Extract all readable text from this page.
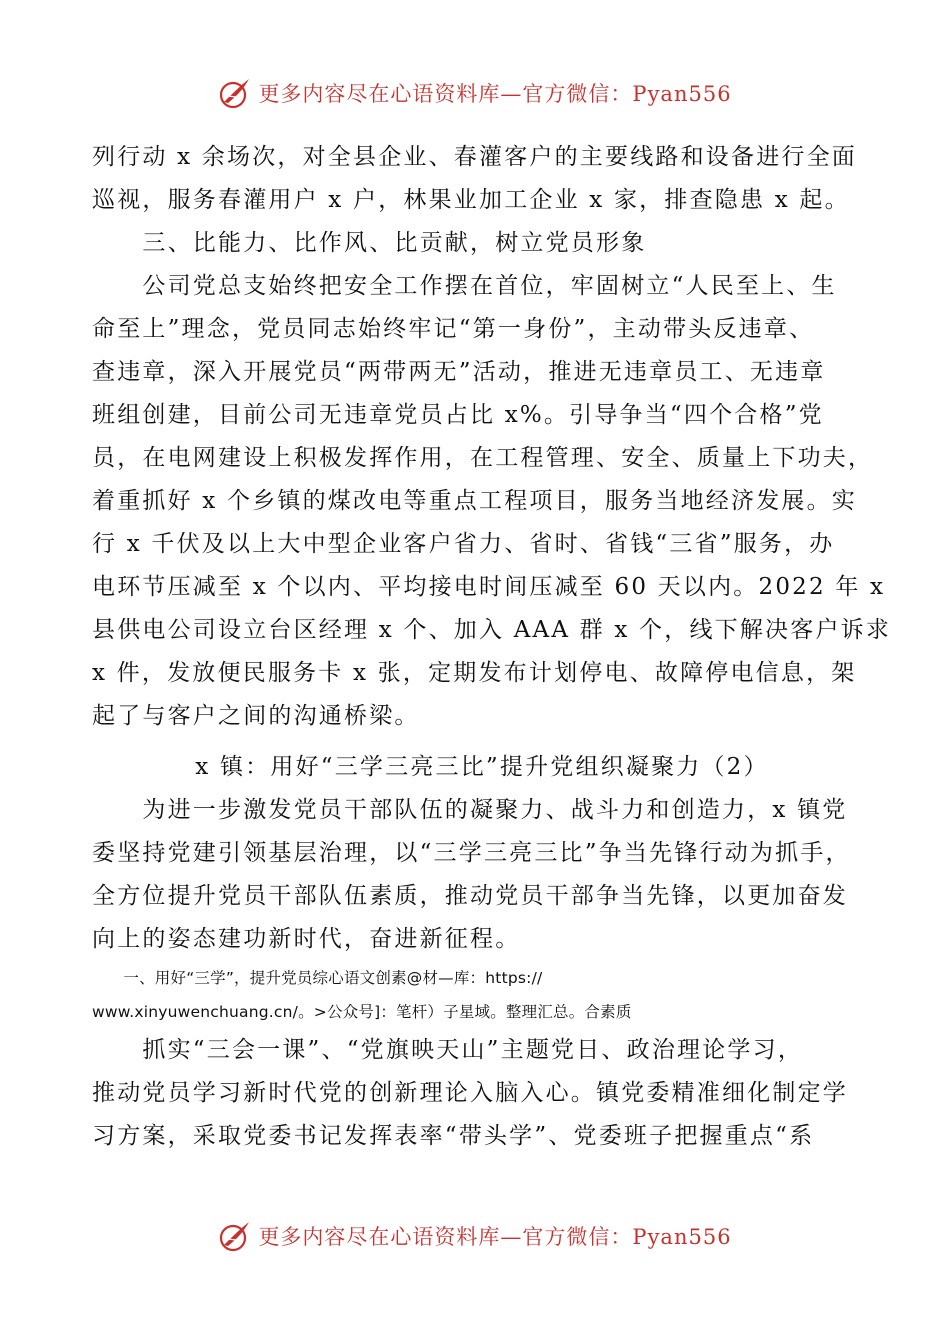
更多内容尽在心语资料库—官方微信：Pyan556
列行动 x 余场次，对全县企业、春灌客户的主要线路和设备进行全面
巡视，服务春灌用户 x 户，林果业加工企业 x 家，排查隐患 x 起。
　　三、比能力、比作风、比贡献，树立党员形象
　　公司党总支始终把安全工作摆在首位，牢固树立“人民至上、生
命至上”理念，党员同志始终牢记“第一身份”，主动带头反违章、
查违章，深入开展党员“两带两无”活动，推进无违章员工、无违章
班组创建，目前公司无违章党员占比 x%。引导争当“四个合格”党
员，在电网建设上积极发挥作用，在工程管理、安全、质量上下功夫，
着重抓好 x 个乡镇的煤改电等重点工程项目，服务当地经济发展。实
行 x 千伏及以上大中型企业客户省力、省时、省钱“三省”服务，办
电环节压减至 x 个以内、平均接电时间压减至 60 天以内。2022 年 x
县供电公司设立台区经理 x 个、加入 AAA 群 x 个，线下解决客户诉求
x 件，发放便民服务卡 x 张，定期发布计划停电、故障停电信息，架
起了与客户之间的沟通桥梁。
x 镇：用好“三学三亮三比”提升党组织凝聚力（2）
　　为进一步激发党员干部队伍的凝聚力、战斗力和创造力，x 镇党
委坚持党建引领基层治理，以“三学三亮三比”争当先锋行动为抓手，
全方位提升党员干部队伍素质，推动党员干部争当先锋，以更加奋发
向上的姿态建功新时代，奋进新征程。
　　一、用好“三学”，提升党员综心语文创素@材—库：https://
www.xinyuwenchuang.cn/。>公众号]：笔杆）子星域。整理汇总。合素质
　　抓实“三会一课”、“党旗映天山”主题党日、政治理论学习，
推动党员学习新时代党的创新理论入脑入心。镇党委精准细化制定学
习方案，采取党委书记发挥表率“带头学”、党委班子把握重点“系
更多内容尽在心语资料库—官方微信：Pyan556
